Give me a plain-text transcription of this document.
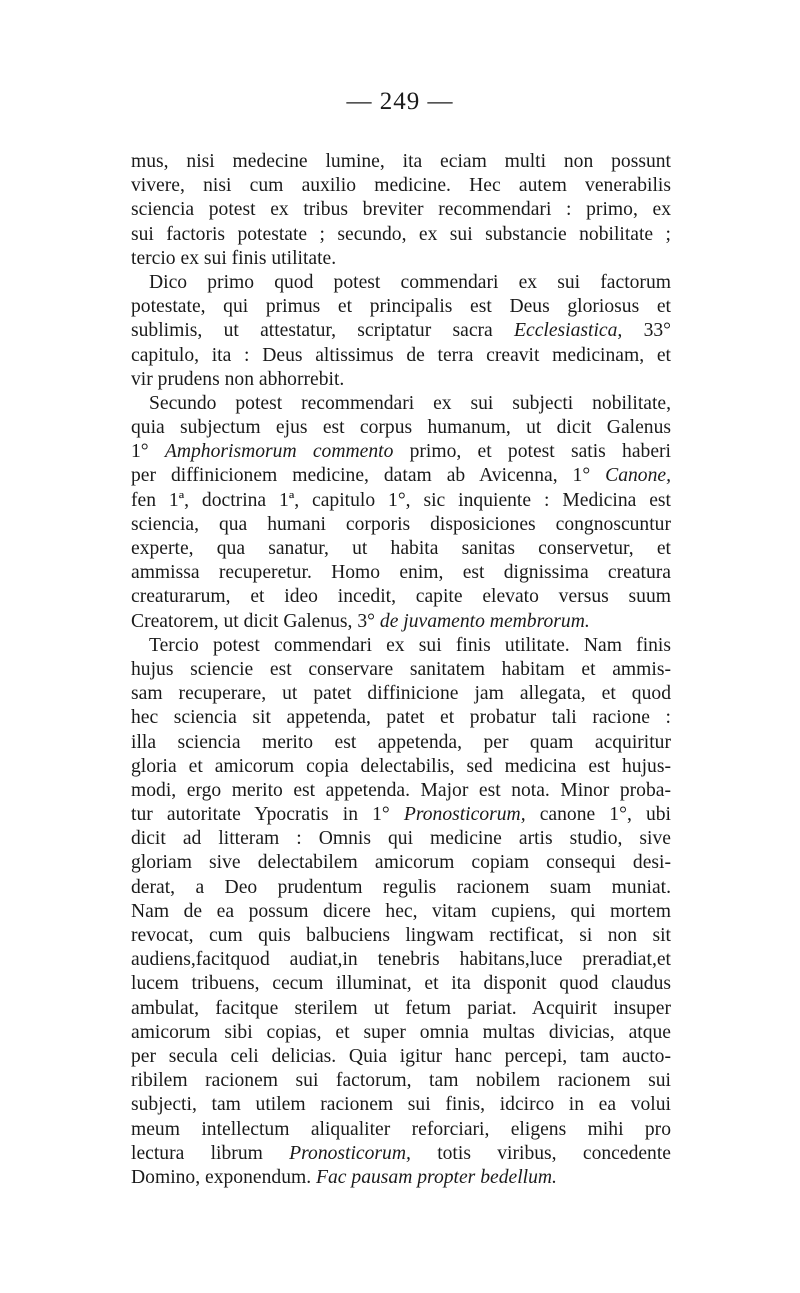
— 249 —
mus, nisi medecine lumine, ita eciam multi non possunt
vivere, nisi cum auxilio medicine. Hec autem venerabilis
sciencia potest ex tribus breviter recommendari : primo, ex
sui factoris potestate ; secundo, ex sui substancie nobilitate ;
tercio ex sui finis utilitate.
Dico primo quod potest commendari ex sui factorum
potestate, qui primus et principalis est Deus gloriosus et
sublimis, ut attestatur, scriptatur sacra Ecclesiastica, 33°
capitulo, ita : Deus altissimus de terra creavit medicinam, et
vir prudens non abhorrebit.
Secundo potest recommendari ex sui subjecti nobilitate,
quia subjectum ejus est corpus humanum, ut dicit Galenus
1° Amphorismorum commento primo, et potest satis haberi
per diffinicionem medicine, datam ab Avicenna, 1° Canone,
fen 1ª, doctrina 1ª, capitulo 1°, sic inquiente : Medicina est
sciencia, qua humani corporis disposiciones congnoscuntur
experte, qua sanatur, ut habita sanitas conservetur, et
ammissa recuperetur. Homo enim, est dignissima creatura
creaturarum, et ideo incedit, capite elevato versus suum
Creatorem, ut dicit Galenus, 3° de juvamento membrorum.
Tercio potest commendari ex sui finis utilitate. Nam finis
hujus sciencie est conservare sanitatem habitam et ammis-
sam recuperare, ut patet diffinicione jam allegata, et quod
hec sciencia sit appetenda, patet et probatur tali racione :
illa sciencia merito est appetenda, per quam acquiritur
gloria et amicorum copia delectabilis, sed medicina est hujus-
modi, ergo merito est appetenda. Major est nota. Minor proba-
tur autoritate Ypocratis in 1° Pronosticorum, canone 1°, ubi
dicit ad litteram : Omnis qui medicine artis studio, sive
gloriam sive delectabilem amicorum copiam consequi desi-
derat, a Deo prudentum regulis racionem suam muniat.
Nam de ea possum dicere hec, vitam cupiens, qui mortem
revocat, cum quis balbuciens lingwam rectificat, si non sit
audiens,facitquod audiat,in tenebris habitans,luce preradiat,et
lucem tribuens, cecum illuminat, et ita disponit quod claudus
ambulat, facitque sterilem ut fetum pariat. Acquirit insuper
amicorum sibi copias, et super omnia multas divicias, atque
per secula celi delicias. Quia igitur hanc percepi, tam aucto-
ribilem racionem sui factorum, tam nobilem racionem sui
subjecti, tam utilem racionem sui finis, idcirco in ea volui
meum intellectum aliqualiter reforciari, eligens mihi pro
lectura librum Pronosticorum, totis viribus, concedente
Domino, exponendum. Fac pausam propter bedellum.
